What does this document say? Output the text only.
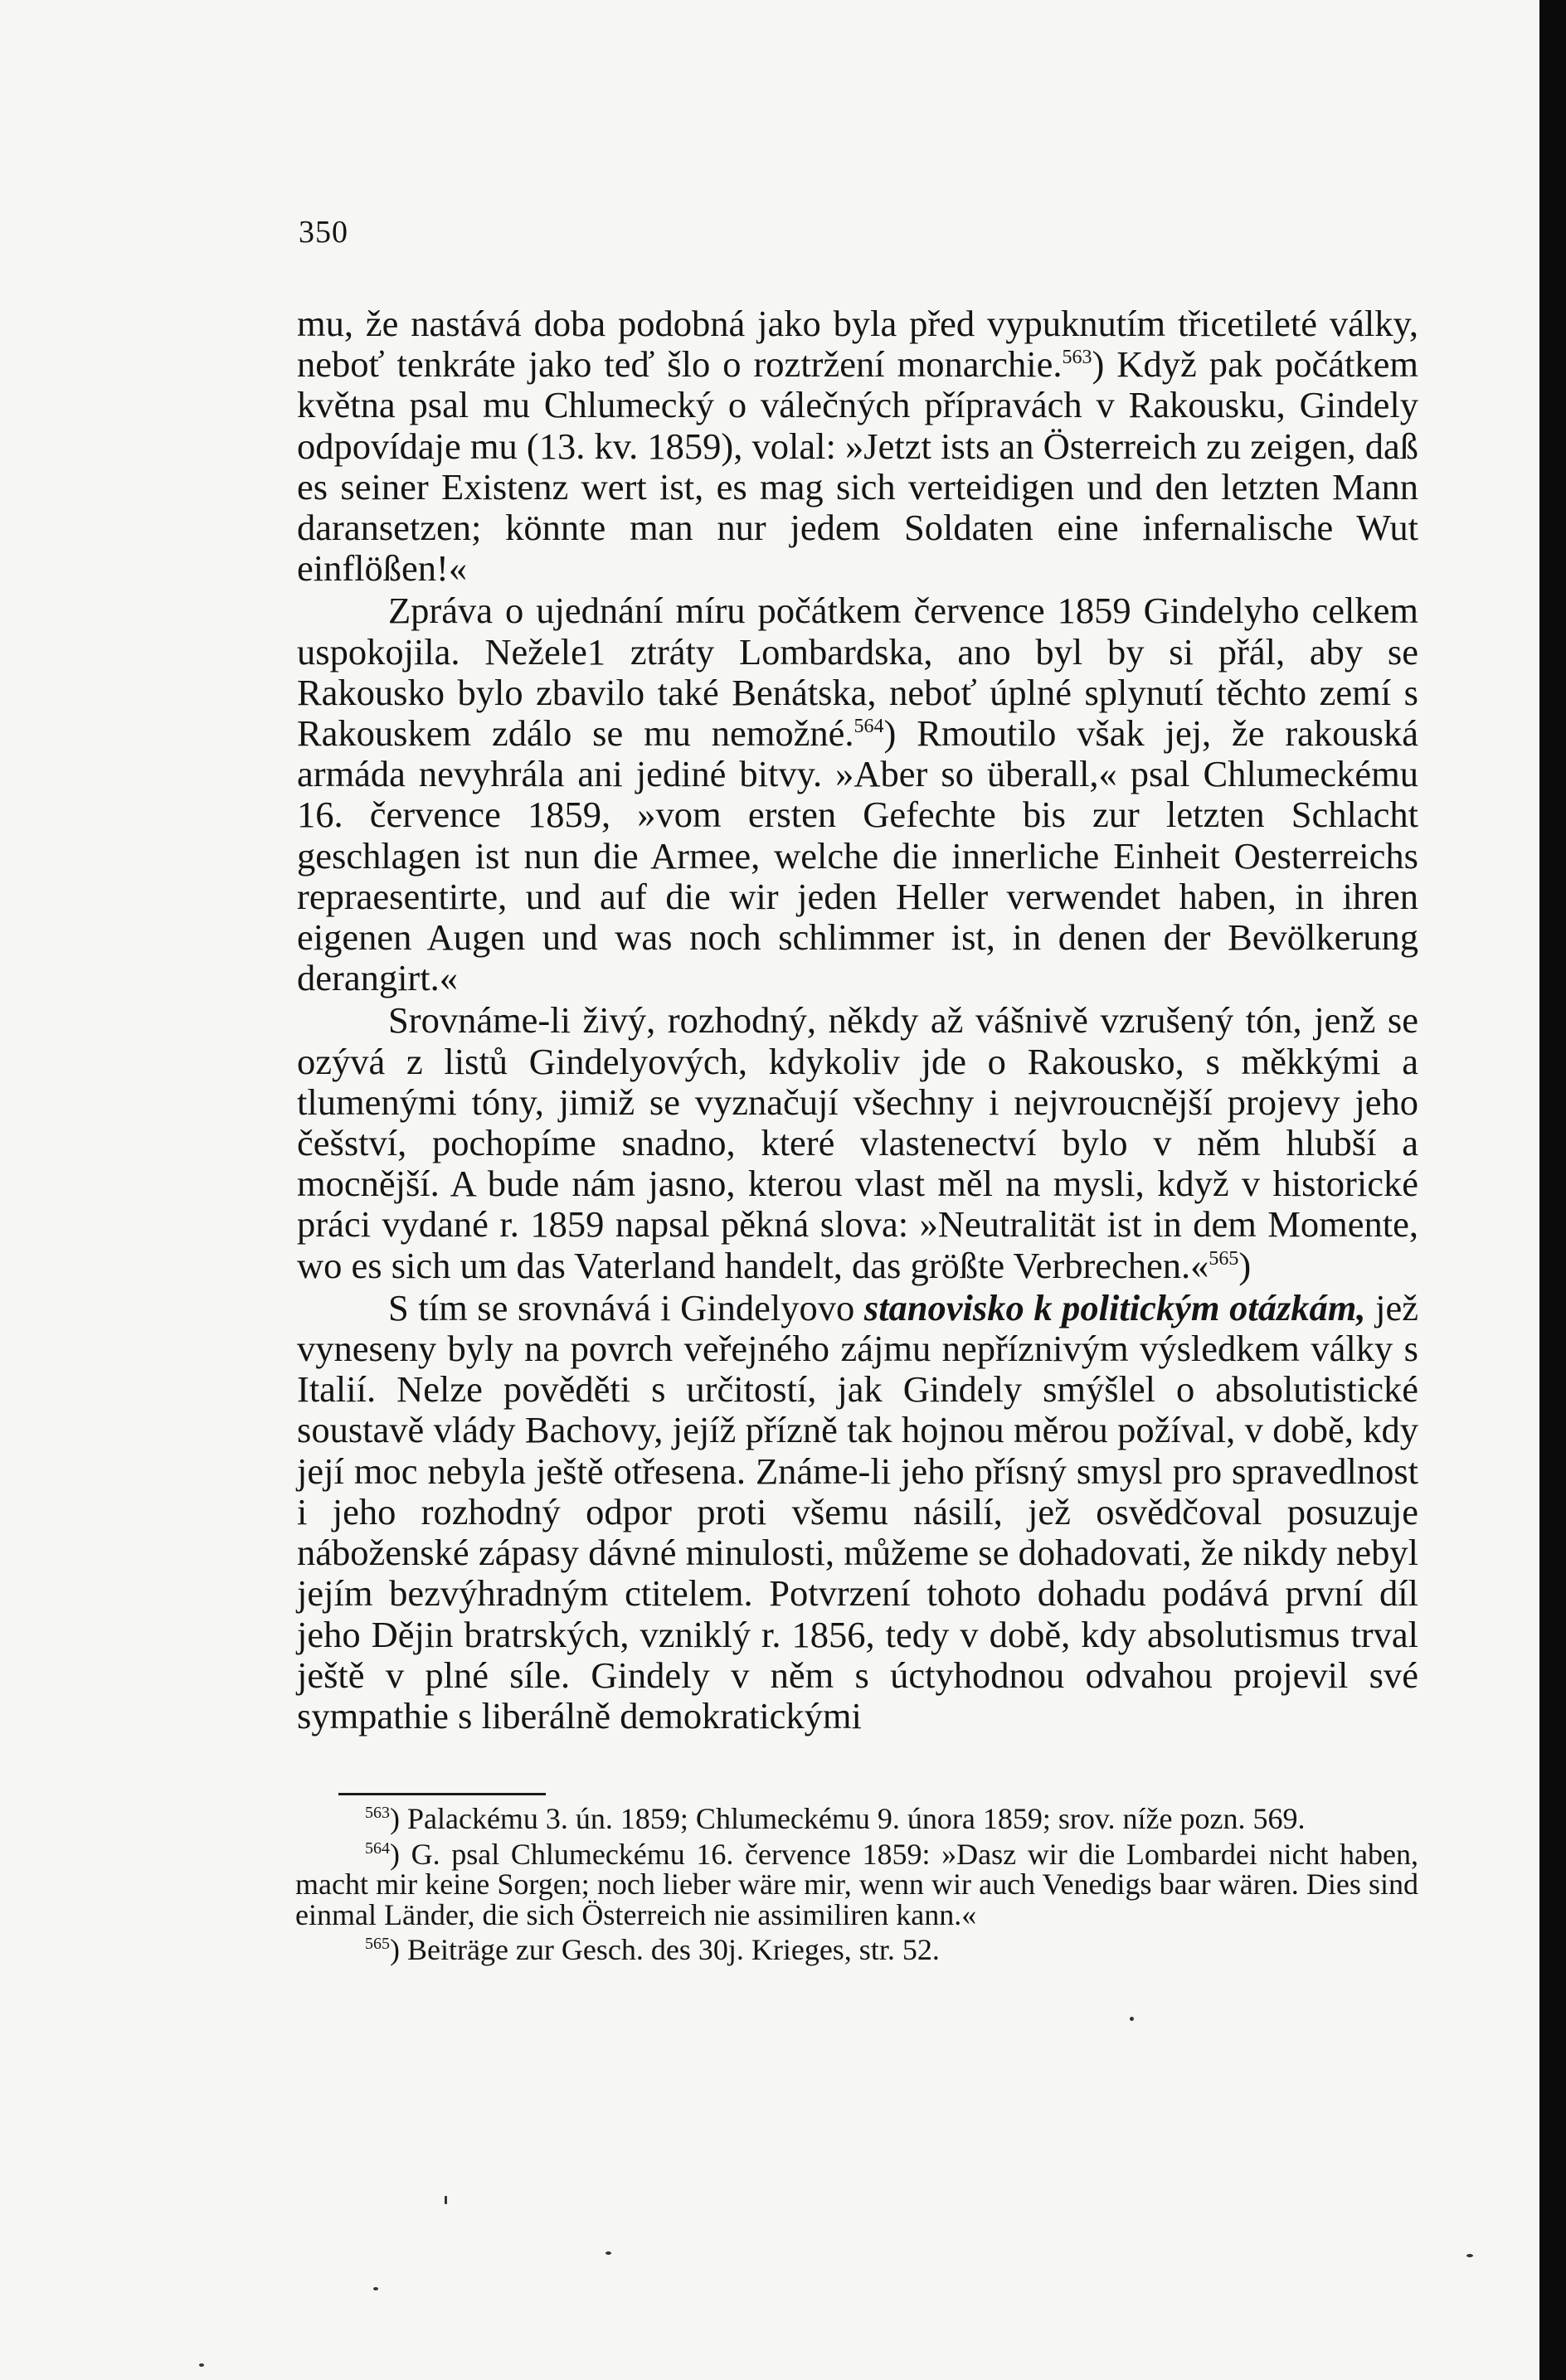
350

mu, že nastává doba podobná jako byla před vypuknutím třicetileté války, neboť tenkráte jako teď šlo o roztržení monarchie.$^{563}$) Když pak počátkem května psal mu Chlumecký o válečných přípravách v Rakousku, Gindely odpovídaje mu (13. kv. 1859), volal: »Jetzt ists an Österreich zu zeigen, daß es seiner Existenz wert ist, es mag sich verteidigen und den letzten Mann daransetzen; könnte man nur jedem Soldaten eine infernalische Wut einflößen!«

Zpráva o ujednání míru počátkem července 1859 Gindelyho celkem uspokojila. Nežele1 ztráty Lombardska, ano byl by si přál, aby se Rakousko bylo zbavilo také Benátska, neboť úplné splynutí těchto zemí s Rakouskem zdálo se mu nemožné.$^{564}$) Rmoutilo však jej, že rakouská armáda nevyhrála ani jediné bitvy. »Aber so überall,« psal Chlumeckému 16. července 1859, »vom ersten Gefechte bis zur letzten Schlacht geschlagen ist nun die Armee, welche die innerliche Einheit Oesterreichs repraesentirte, und auf die wir jeden Heller verwendet haben, in ihren eigenen Augen und was noch schlimmer ist, in denen der Bevölkerung derangirt.«

Srovnáme-li živý, rozhodný, někdy až vášnivě vzrušený tón, jenž se ozývá z listů Gindelyových, kdykoliv jde o Rakousko, s měkkými a tlumenými tóny, jimiž se vyznačují všechny i nejvroucnější projevy jeho češství, pochopíme snadno, které vlastenectví bylo v něm hlubší a mocnější. A bude nám jasno, kterou vlast měl na mysli, když v historické práci vydané r. 1859 napsal pěkná slova: »Neutralität ist in dem Momente, wo es sich um das Vaterland handelt, das größte Verbrechen.«$^{565}$)

S tím se srovnává i Gindelyovo stanovisko k politickým otázkám, jež vyneseny byly na povrch veřejného zájmu nepříznivým výsledkem války s Italií. Nelze pověděti s určitostí, jak Gindely smýšlel o absolutistické soustavě vlády Bachovy, jejíž přízně tak hojnou měrou požíval, v době, kdy její moc nebyla ještě otřesena. Známe-li jeho přísný smysl pro spravedlnost i jeho rozhodný odpor proti všemu násilí, jež osvědčoval posuzuje náboženské zápasy dávné minulosti, můžeme se dohadovati, že nikdy nebyl jejím bezvýhradným ctitelem. Potvrzení tohoto dohadu podává první díl jeho Dějin bratrských, vzniklý r. 1856, tedy v době, kdy absolutismus trval ještě v plné síle. Gindely v něm s úctyhodnou odvahou projevil své sympathie s liberálně demokratickými

$^{563}$) Palackému 3. ún. 1859; Chlumeckému 9. února 1859; srov. níže pozn. 569.

$^{564}$) G. psal Chlumeckému 16. července 1859: »Dasz wir die Lombardei nicht haben, macht mir keine Sorgen; noch lieber wäre mir, wenn wir auch Venedigs baar wären. Dies sind einmal Länder, die sich Österreich nie assimiliren kann.«

$^{565}$) Beiträge zur Gesch. des 30j. Krieges, str. 52.
